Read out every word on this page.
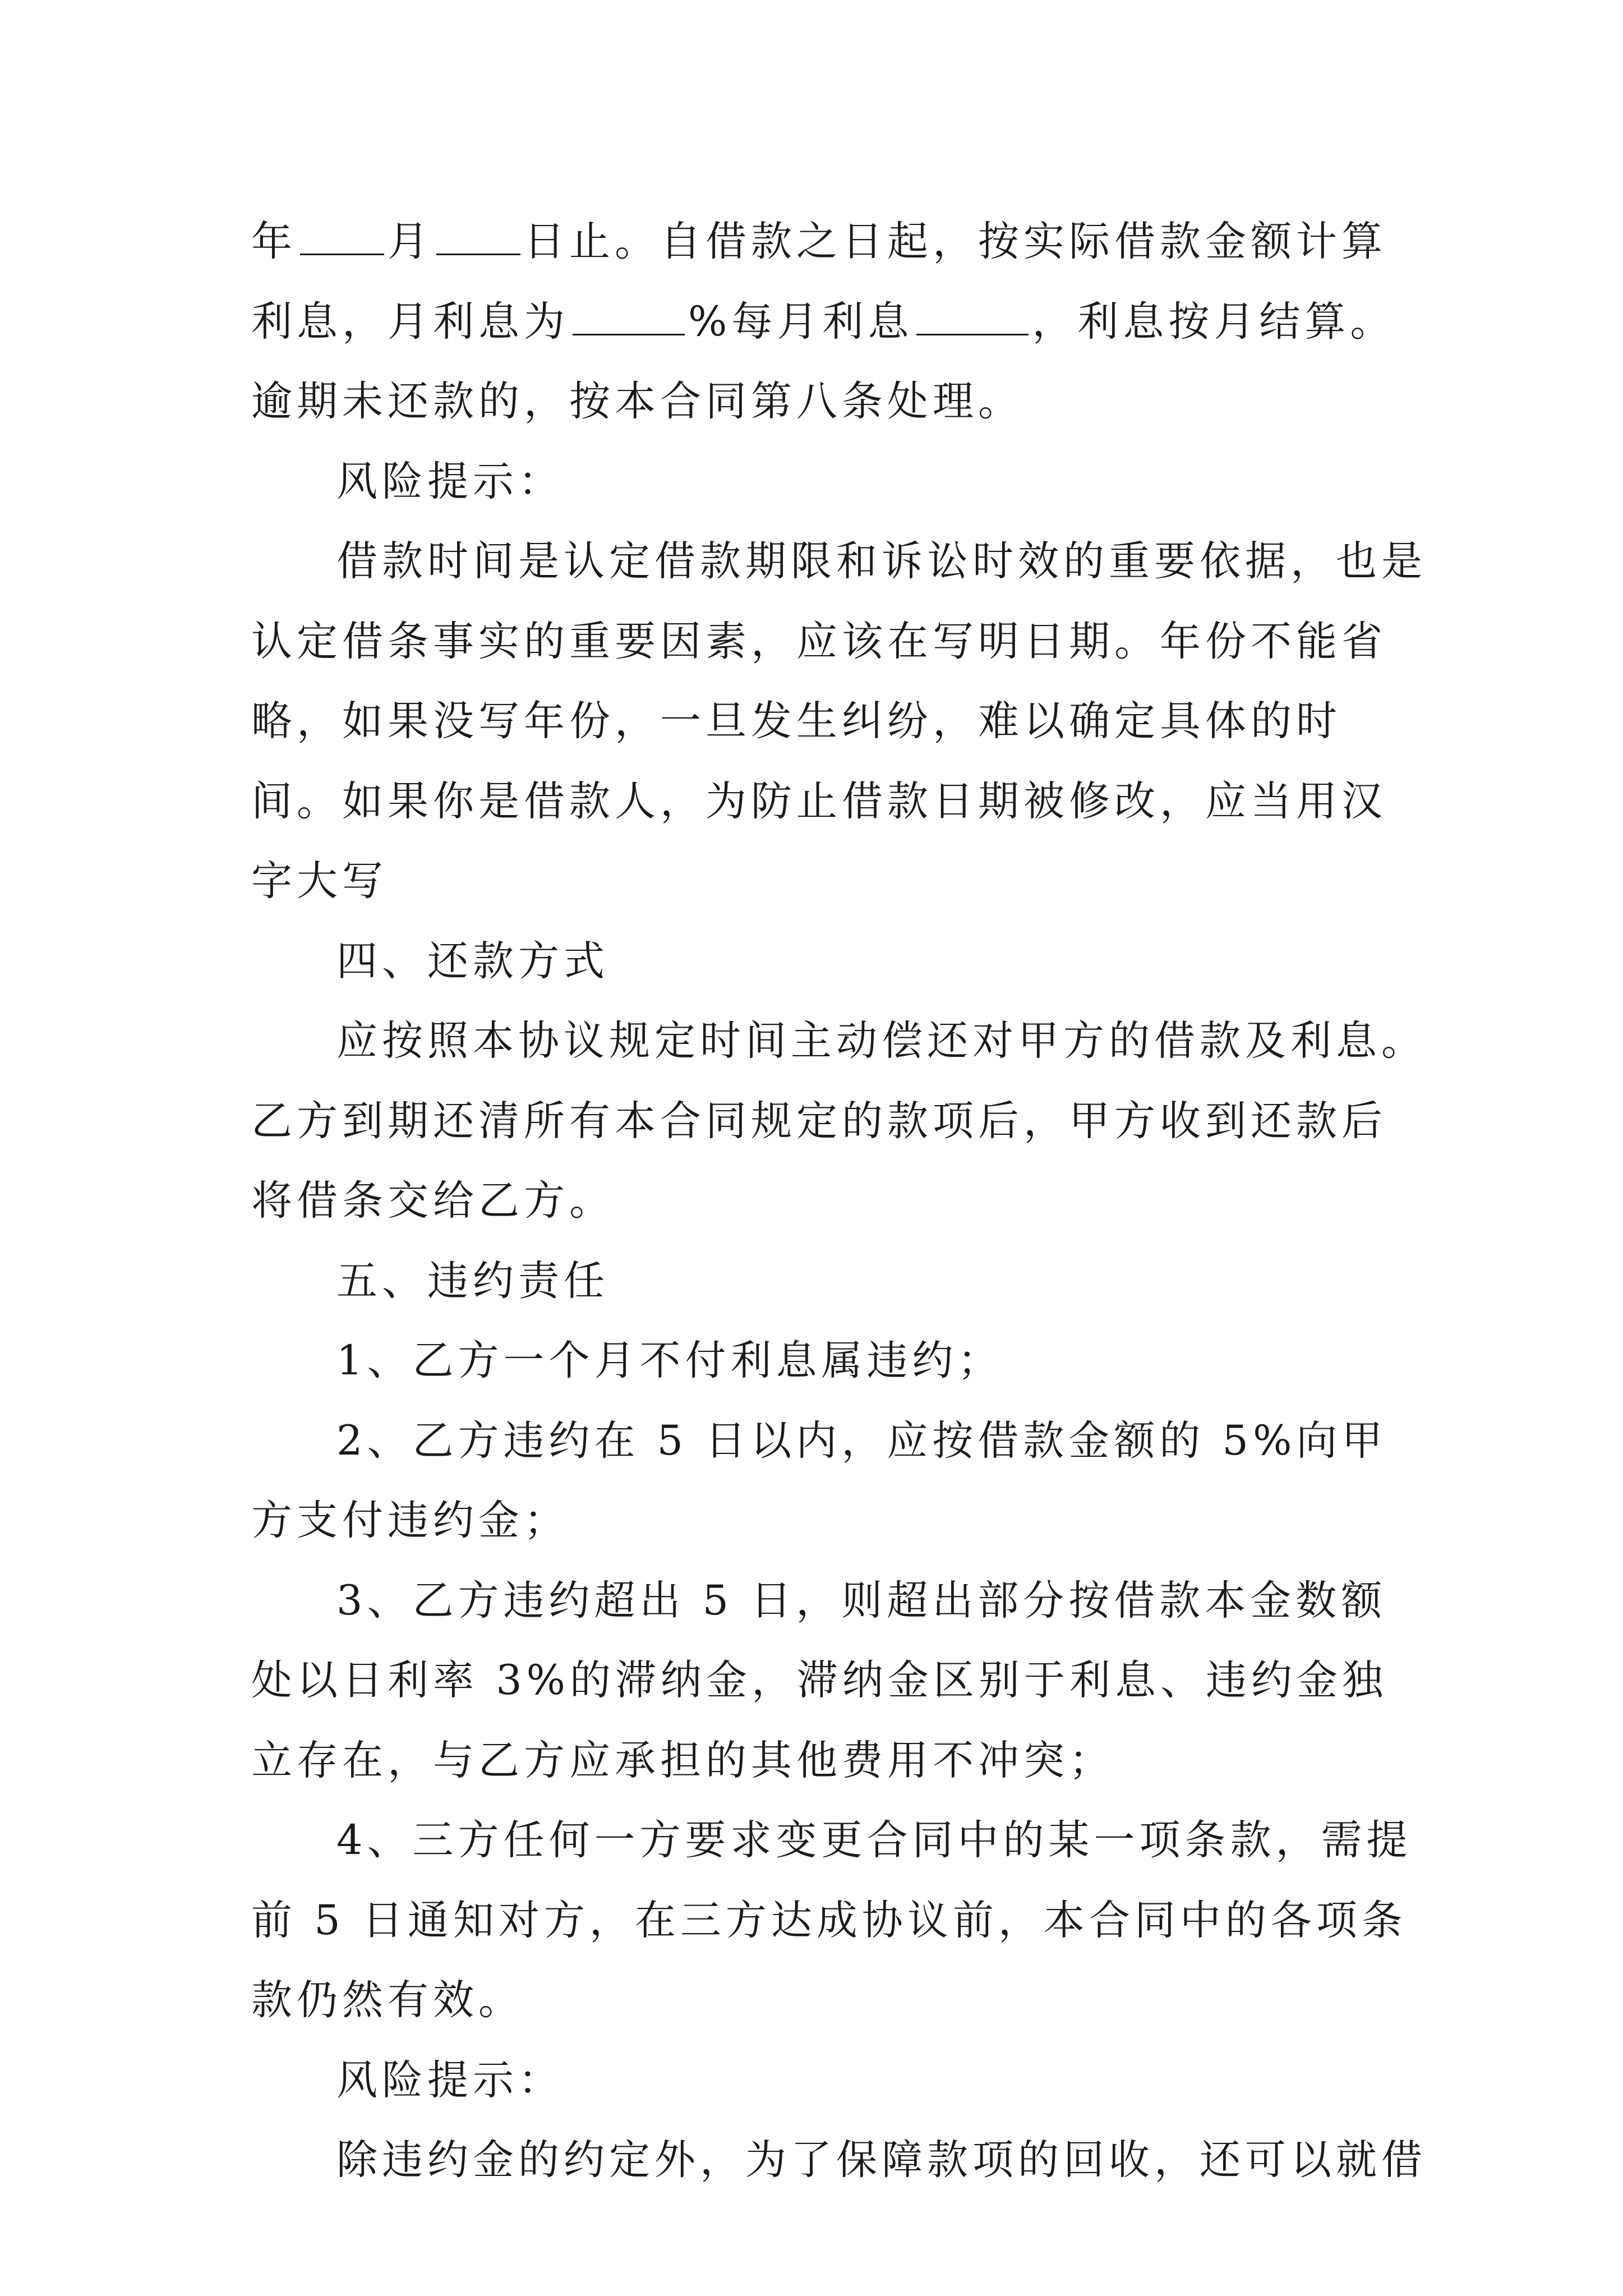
年 月 日止。自借款之日起，按实际借款金额计算利息，月利息为	%每月利息	，利息按月结算。逾期未还款的，按本合同第八条处理。

风险提示：

借款时间是认定借款期限和诉讼时效的重要依据，也是认定借条事实的重要因素，应该在写明日期。年份不能省略，如果没写年份，一旦发生纠纷，难以确定具体的时间。如果你是借款人，为防止借款日期被修改，应当用汉字大写

四、还款方式

应按照本协议规定时间主动偿还对甲方的借款及利息。乙方到期还清所有本合同规定的款项后，甲方收到还款后将借条交给乙方。

五、违约责任

1、乙方一个月不付利息属违约；

2、乙方违约在 5 日以内，应按借款金额的 5%向甲方支付违约金；

3、乙方违约超出 5 日，则超出部分按借款本金数额处以日利率 3%的滞纳金，滞纳金区别于利息、违约金独立存在，与乙方应承担的其他费用不冲突；

4、三方任何一方要求变更合同中的某一项条款，需提前 5 日通知对方，在三方达成协议前，本合同中的各项条款仍然有效。

风险提示：

除违约金的约定外，为了保障款项的回收，还可以就借
